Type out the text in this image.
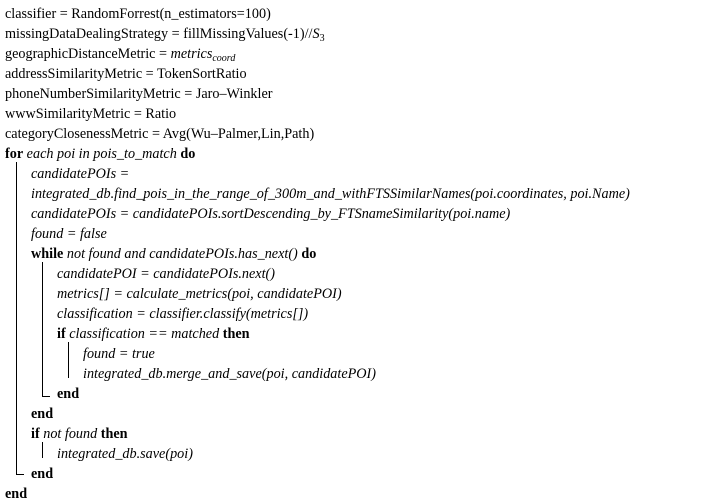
classifier = RandomForrest(n_estimators=100)
missingDataDealingStrategy = $fillMissingValues(-1)//S_3$
geographicDistanceMetric = metrics$_{coord}$
addressSimilarityMetric = TokenSortRatio
phoneNumberSimilarityMetric = Jaro–Winkler
wwwSimilarityMetric = Ratio
categoryClosenessMetric = Avg(Wu–Palmer,Lin,Path)
for each poi in pois_to_match do
candidatePOIs =
integrated_db.find_pois_in_the_range_of_300m_and_withFTSSimilarNames(poi.coordinates, poi.Name)
candidatePOIs = candidatePOIs.sortDescending_by_FTSnameSimilarity(poi.name)
found = false
while not found and candidatePOIs.has_next() do
candidatePOI = candidatePOIs.next()
metrics[] = calculate_metrics(poi, candidatePOI)
classification = classifier.classify(metrics[])
if classification == matched then
found = true
integrated_db.merge_and_save(poi, candidatePOI)
end
end
if not found then
integrated_db.save(poi)
end
end
